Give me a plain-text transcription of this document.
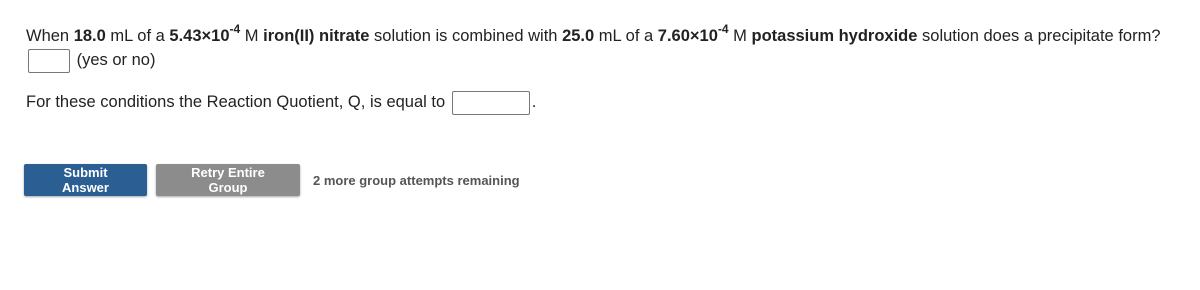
When 18.0 mL of a $5.43\times 10^{-4}$ M iron(II) nitrate solution is combined with 25.0 mL of a $7.60\times 10^{-4}$ M potassium hydroxide solution does a precipitate form?  (yes or no)
For these conditions the Reaction Quotient, Q, is equal to	.
Submit Answer
Retry Entire Group	2 more group attempts remaining
